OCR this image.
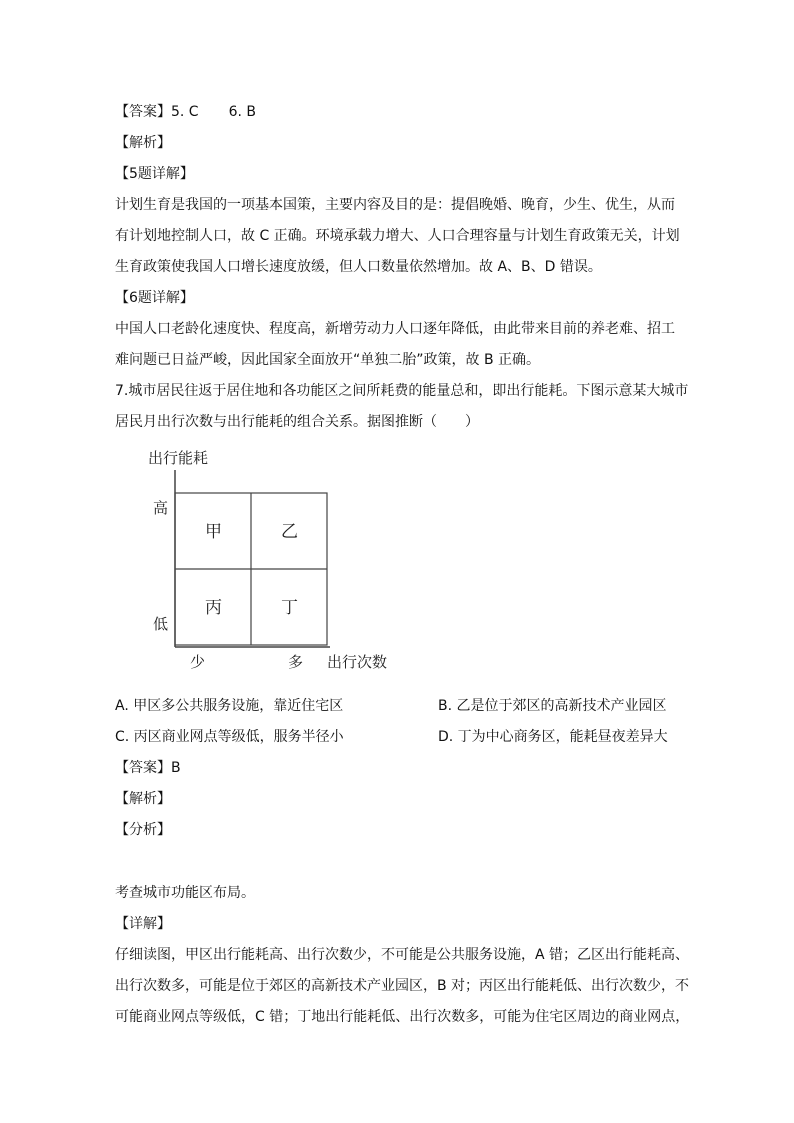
【答案】5. C 6. B
【解析】
【5题详解】
计划生育是我国的一项基本国策，主要内容及目的是：提倡晚婚、晚育，少生、优生，从而
有计划地控制人口，故 C 正确。环境承载力增大、人口合理容量与计划生育政策无关，计划
生育政策使我国人口增长速度放缓，但人口数量依然增加。故 A、B、D 错误。
【6题详解】
中国人口老龄化速度快、程度高，新增劳动力人口逐年降低，由此带来目前的养老难、招工
难问题已日益严峻，因此国家全面放开“单独二胎”政策，故 B 正确。
7.城市居民往返于居住地和各功能区之间所耗费的能量总和，即出行能耗。下图示意某大城市
居民月出行次数与出行能耗的组合关系。据图推断（　　）
出行能耗
高
低
少	多 出行次数
甲	乙
丙	丁
A. 甲区多公共服务设施，靠近住宅区	B. 乙是位于郊区的高新技术产业园区
C. 丙区商业网点等级低，服务半径小	D. 丁为中心商务区，能耗昼夜差异大
【答案】B
【解析】
【分析】
考查城市功能区布局。
【详解】
仔细读图，甲区出行能耗高、出行次数少，不可能是公共服务设施，A 错；乙区出行能耗高、
出行次数多，可能是位于郊区的高新技术产业园区，B 对；丙区出行能耗低、出行次数少，不
可能商业网点等级低，C 错；丁地出行能耗低、出行次数多，可能为住宅区周边的商业网点，
